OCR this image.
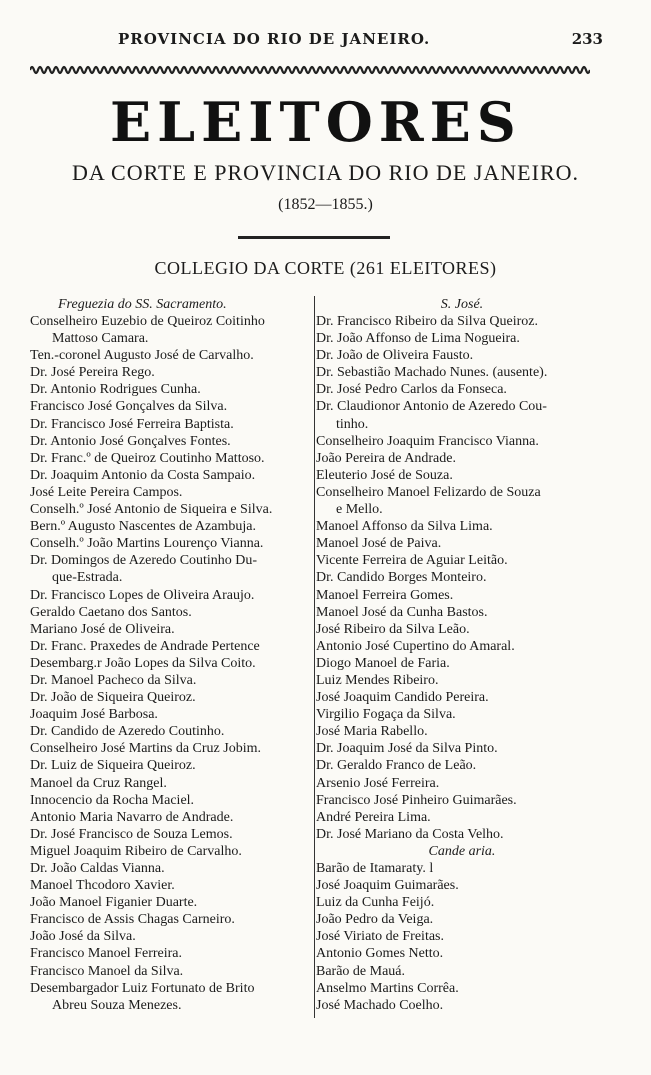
PROVINCIA DO RIO DE JANEIRO.	233
ELEITORES
DA CORTE E PROVINCIA DO RIO DE JANEIRO.
(1852—1855.)
COLLEGIO DA CORTE (261 ELEITORES)
Freguezia do SS. Sacramento.
Conselheiro Euzebio de Queiroz Coitinho
Mattoso Camara.
Ten.-coronel Augusto José de Carvalho.
Dr. José Pereira Rego.
Dr. Antonio Rodrigues Cunha.
Francisco José Gonçalves da Silva.
Dr. Francisco José Ferreira Baptista.
Dr. Antonio José Gonçalves Fontes.
Dr. Franc.º de Queiroz Coutinho Mattoso.
Dr. Joaquim Antonio da Costa Sampaio.
José Leite Pereira Campos.
Conselh.º José Antonio de Siqueira e Silva.
Bern.º Augusto Nascentes de Azambuja.
Conselh.º João Martins Lourenço Vianna.
Dr. Domingos de Azeredo Coutinho Du-
que-Estrada.
Dr. Francisco Lopes de Oliveira Araujo.
Geraldo Caetano dos Santos.
Mariano José de Oliveira.
Dr. Franc. Praxedes de Andrade Pertence
Desembarg.r João Lopes da Silva Coito.
Dr. Manoel Pacheco da Silva.
Dr. João de Siqueira Queiroz.
Joaquim José Barbosa.
Dr. Candido de Azeredo Coutinho.
Conselheiro José Martins da Cruz Jobim.
Dr. Luiz de Siqueira Queiroz.
Manoel da Cruz Rangel.
Innocencio da Rocha Maciel.
Antonio Maria Navarro de Andrade.
Dr. José Francisco de Souza Lemos.
Miguel Joaquim Ribeiro de Carvalho.
Dr. João Caldas Vianna.
Manoel Thcodoro Xavier.
João Manoel Figanier Duarte.
Francisco de Assis Chagas Carneiro.
João José da Silva.
Francisco Manoel Ferreira.
Francisco Manoel da Silva.
Desembargador Luiz Fortunato de Brito
Abreu Souza Menezes.
S. José.
Dr. Francisco Ribeiro da Silva Queiroz.
Dr. João Affonso de Lima Nogueira.
Dr. João de Oliveira Fausto.
Dr. Sebastião Machado Nunes. (ausente).
Dr. José Pedro Carlos da Fonseca.
Dr. Claudionor Antonio de Azeredo Cou-
tinho.
Conselheiro Joaquim Francisco Vianna.
João Pereira de Andrade.
Eleuterio José de Souza.
Conselheiro Manoel Felizardo de Souza
e Mello.
Manoel Affonso da Silva Lima.
Manoel José de Paiva.
Vicente Ferreira de Aguiar Leitão.
Dr. Candido Borges Monteiro.
Manoel Ferreira Gomes.
Manoel José da Cunha Bastos.
José Ribeiro da Silva Leão.
Antonio José Cupertino do Amaral.
Diogo Manoel de Faria.
Luiz Mendes Ribeiro.
José Joaquim Candido Pereira.
Virgilio Fogaça da Silva.
José Maria Rabello.
Dr. Joaquim José da Silva Pinto.
Dr. Geraldo Franco de Leão.
Arsenio José Ferreira.
Francisco José Pinheiro Guimarães.
André Pereira Lima.
Dr. José Mariano da Costa Velho.
Cande aria.
Barão de Itamaraty. l
José Joaquim Guimarães.
Luiz da Cunha Feijó.
João Pedro da Veiga.
José Viriato de Freitas.
Antonio Gomes Netto.
Barão de Mauá.
Anselmo Martins Corrêa.
José Machado Coelho.
